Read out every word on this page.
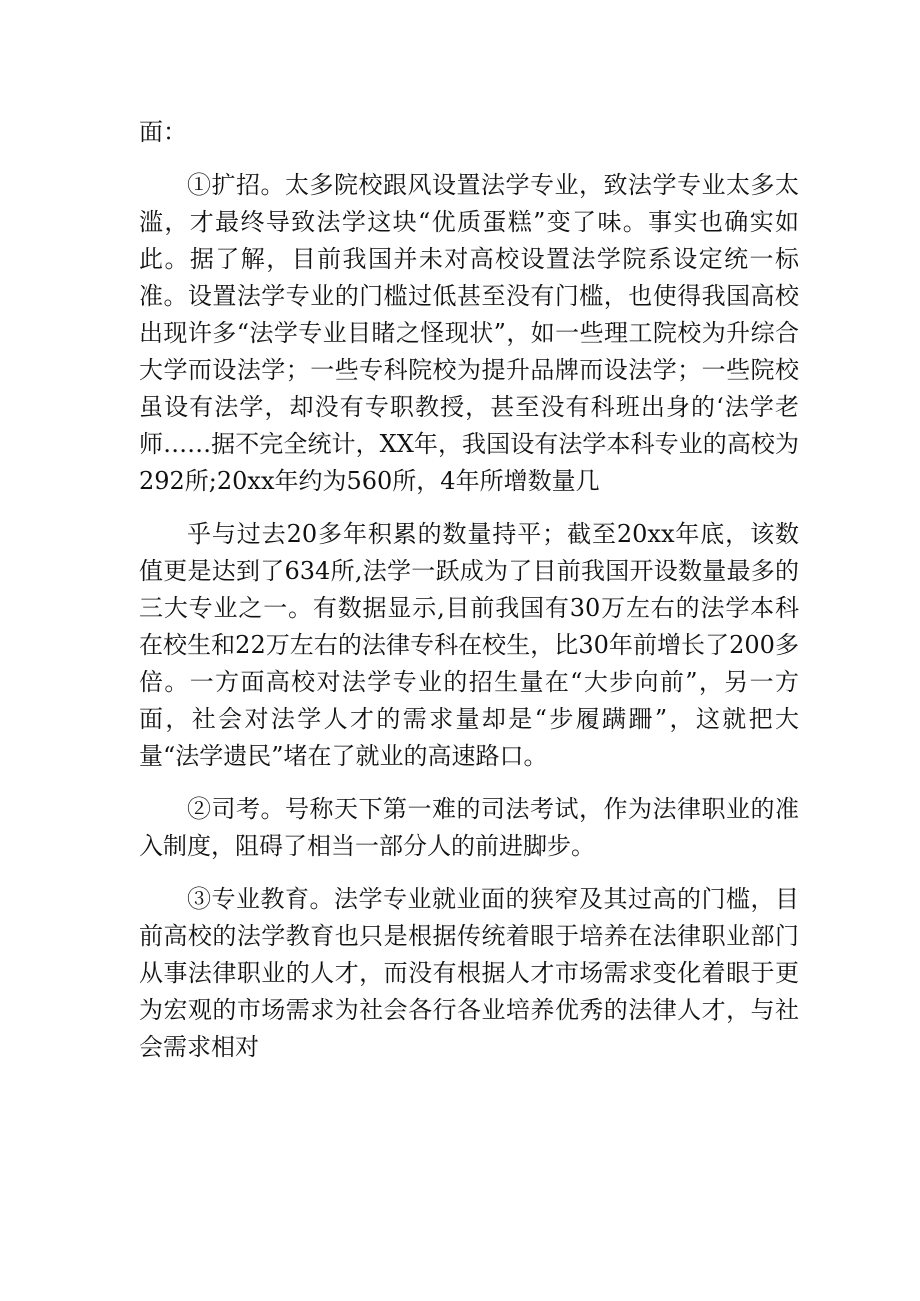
面：

①扩招。太多院校跟风设置法学专业，致法学专业太多太滥，才最终导致法学这块“优质蛋糕”变了味。事实也确实如此。据了解，目前我国并未对高校设置法学院系设定统一标准。设置法学专业的门槛过低甚至没有门槛，也使得我国高校出现许多“法学专业目睹之怪现状”，如一些理工院校为升综合大学而设法学；一些专科院校为提升品牌而设法学；一些院校虽设有法学，却没有专职教授，甚至没有科班出身的‘法学老师……据不完全统计，XX年，我国设有法学本科专业的高校为292所;20xx年约为560所，4年所增数量几

乎与过去20多年积累的数量持平；截至20xx年底，该数值更是达到了634所,法学一跃成为了目前我国开设数量最多的三大专业之一。有数据显示,目前我国有30万左右的法学本科在校生和22万左右的法律专科在校生，比30年前增长了200多倍。一方面高校对法学专业的招生量在“大步向前”，另一方面，社会对法学人才的需求量却是“步履蹒跚”，这就把大量“法学遗民”堵在了就业的高速路口。

②司考。号称天下第一难的司法考试，作为法律职业的准入制度，阻碍了相当一部分人的前进脚步。

③专业教育。法学专业就业面的狭窄及其过高的门槛，目前高校的法学教育也只是根据传统着眼于培养在法律职业部门从事法律职业的人才，而没有根据人才市场需求变化着眼于更为宏观的市场需求为社会各行各业培养优秀的法律人才，与社会需求相对
